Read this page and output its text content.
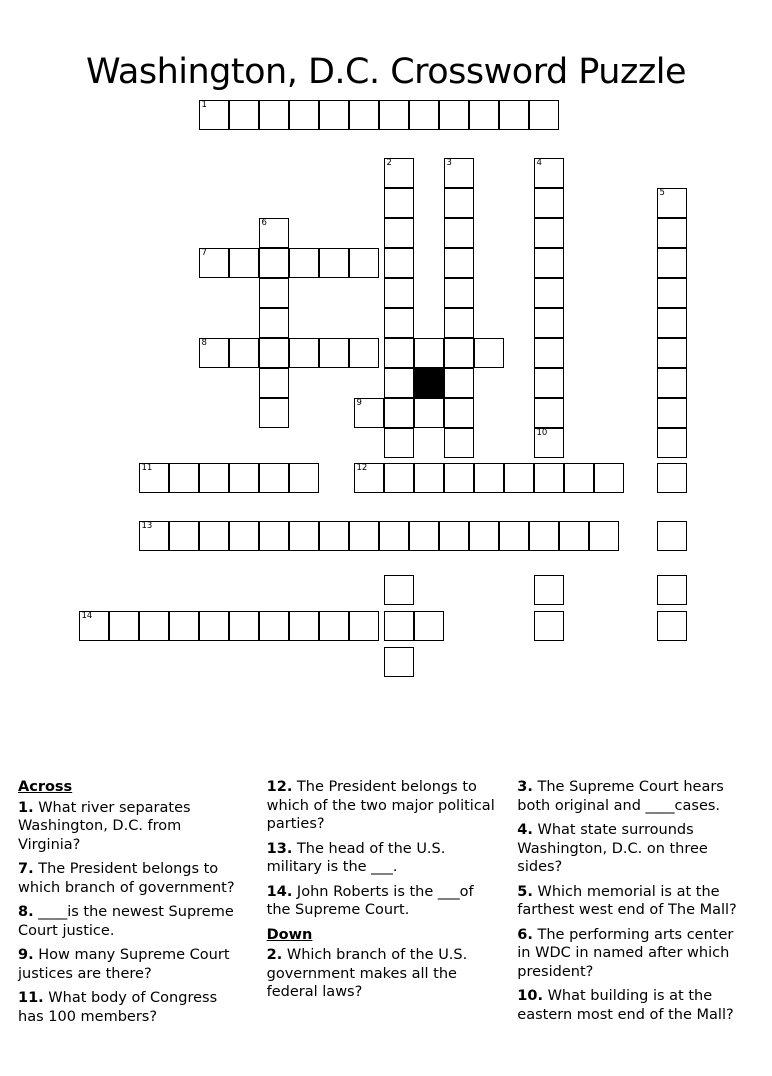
Washington, D.C. Crossword Puzzle
1
2	3	4
5
6
7
8
9
10
11	12
13
14
Across
1. What river separates Washington, D.C. from Virginia?
7. The President belongs to which branch of government?
8. ____is the newest Supreme Court justice.
9. How many Supreme Court justices are there?
11. What body of Congress has 100 members?
12. The President belongs to which of the two major political parties?
13. The head of the U.S. military is the ___.
14. John Roberts is the ___of the Supreme Court.
Down
2. Which branch of the U.S. government makes all the federal laws?
3. The Supreme Court hears both original and ____cases.
4. What state surrounds Washington, D.C. on three sides?
5. Which memorial is at the farthest west end of The Mall?
6. The performing arts center in WDC in named after which president?
10. What building is at the eastern most end of the Mall?
